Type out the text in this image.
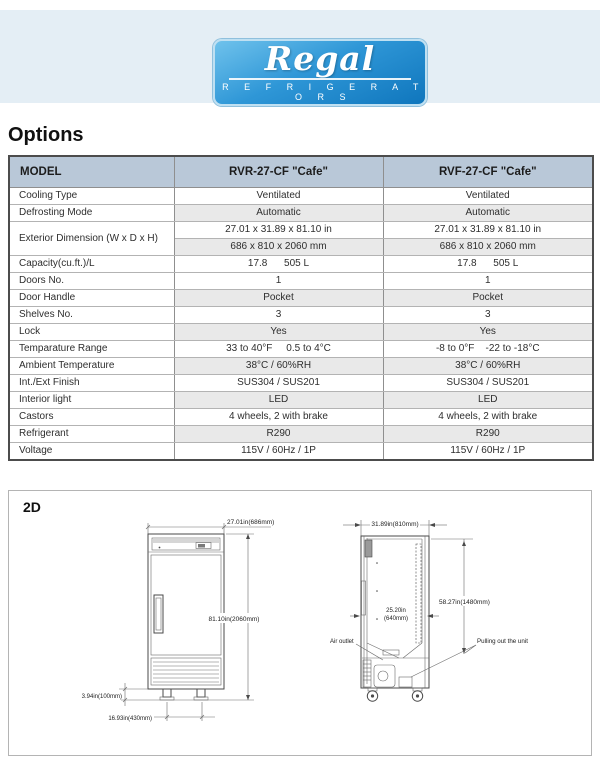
Regal
R E F R I G E R A T O R S
Options
MODEL	RVR-27-CF "Cafe"	RVF-27-CF "Cafe"
Cooling Type	Ventilated	Ventilated
Defrosting Mode	Automatic	Automatic
Exterior Dimension (W x D x H)	27.01 x 31.89 x 81.10 in	27.01 x 31.89 x 81.10 in
	686 x 810 x 2060 mm	686 x 810 x 2060 mm
Capacity(cu.ft.)/L	17.8      505 L	17.8      505 L
Doors No.	1	1
Door Handle	Pocket	Pocket
Shelves No.	3	3
Lock	Yes	Yes
Temparature Range	33 to 40°F     0.5 to 4°C	-8 to 0°F    -22 to -18°C
Ambient Temperature	38°C / 60%RH	38°C / 60%RH
Int./Ext Finish	SUS304 / SUS201	SUS304 / SUS201
Interior light	LED	LED
Castors	4 wheels, 2 with brake	4 wheels, 2 with brake
Refrigerant	R290	R290
Voltage	115V / 60Hz / 1P	115V / 60Hz / 1P
2D
27.01in(686mm)
81.10in(2060mm)
3.94in(100mm)
16.93in(430mm)
31.89in(810mm)
25.20in
(640mm)
58.27in(1480mm)
Air outlet	Pulling out the unit
